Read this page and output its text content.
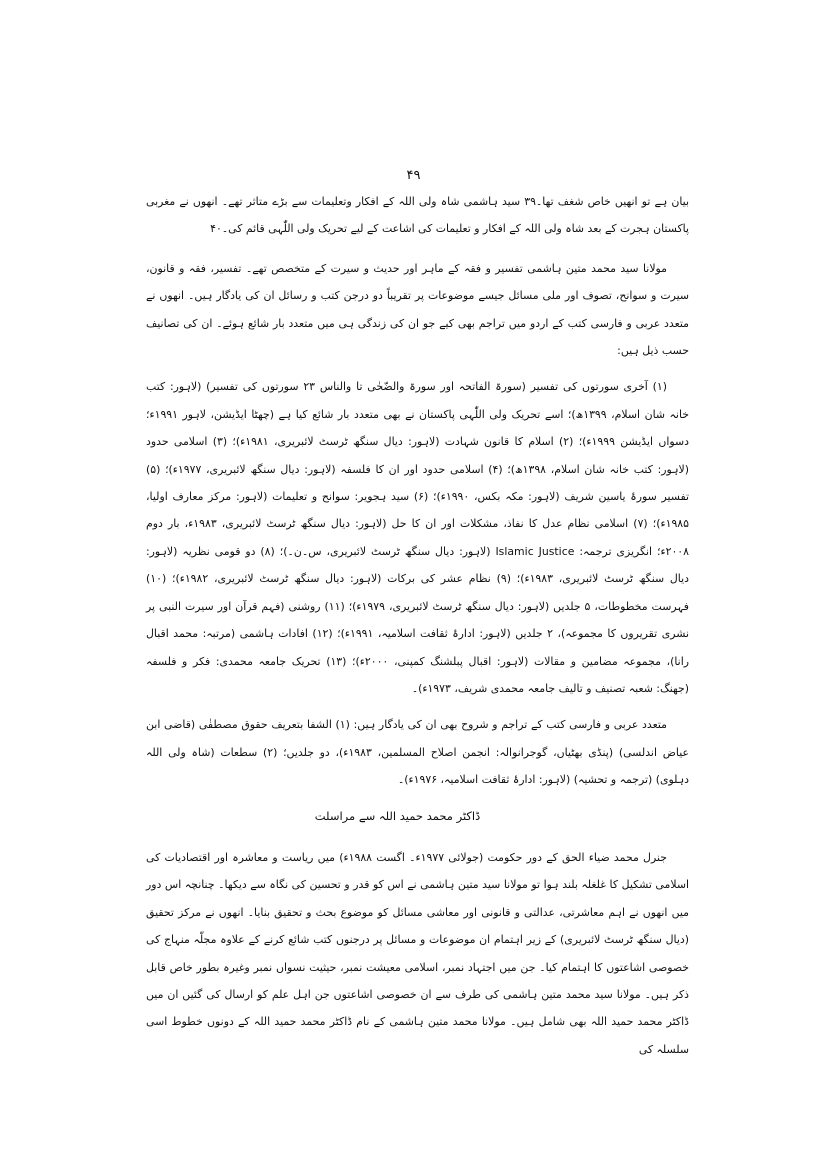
۴۹

بیان ہے تو انھیں خاص شغف تھا۔۳۹ سید ہاشمی شاہ ولی اللہ کے افکار وتعلیمات سے بڑے متاثر تھے۔ انھوں نے مغربی پاکستان ہجرت کے بعد شاہ ولی اللہ کے افکار و تعلیمات کی اشاعت کے لیے تحریک ولی اللّٰہی قائم کی۔۴۰

مولانا سید محمد متین ہاشمی تفسیر و فقہ کے ماہر اور حدیث و سیرت کے متخصص تھے۔ تفسیر، فقہ و قانون، سیرت و سوانح، تصوف اور ملی مسائل جیسے موضوعات پر تقریباً دو درجن کتب و رسائل ان کی یادگار ہیں۔ انھوں نے متعدد عربی و فارسی کتب کے اردو میں تراجم بھی کیے جو ان کی زندگی ہی میں متعدد بار شائع ہوئے۔ ان کی تصانیف حسب ذیل ہیں:

(۱) آخری سورتوں کی تفسیر (سورۃ الفاتحہ اور سورۃ والضّحٰی تا والناس ۲۳ سورتوں کی تفسیر) (لاہور: کتب خانہ شان اسلام، ۱۳۹۹ھ)؛ اسے تحریک ولی اللّٰہی پاکستان نے بھی متعدد بار شائع کیا ہے (چھٹا ایڈیشن، لاہور ۱۹۹۱ء؛ دسواں ایڈیشن ۱۹۹۹ء)؛ (۲) اسلام کا قانون شہادت (لاہور: دیال سنگھ ٹرسٹ لائبریری، ۱۹۸۱ء)؛ (۳) اسلامی حدود (لاہور: کتب خانہ شان اسلام، ۱۳۹۸ھ)؛ (۴) اسلامی حدود اور ان کا فلسفہ (لاہور: دیال سنگھ لائبریری، ۱۹۷۷ء)؛ (۵) تفسیر سورۂ یاسین شریف (لاہور: مکہ بکس، ۱۹۹۰ء)؛ (۶) سید ہجویر: سوانح و تعلیمات (لاہور: مرکز معارف اولیا، ۱۹۸۵ء)؛ (۷) اسلامی نظام عدل کا نفاذ، مشکلات اور ان کا حل (لاہور: دیال سنگھ ٹرسٹ لائبریری، ۱۹۸۳ء، بار دوم ۲۰۰۸ء؛ انگریزی ترجمہ: Islamic Justice (لاہور: دیال سنگھ ٹرسٹ لائبریری، س۔ن۔)؛ (۸) دو قومی نظریہ (لاہور: دیال سنگھ ٹرسٹ لائبریری، ۱۹۸۳ء)؛ (۹) نظام عشر کی برکات (لاہور: دیال سنگھ ٹرسٹ لائبریری، ۱۹۸۲ء)؛ (۱۰) فہرست مخطوطات، ۵ جلدیں (لاہور: دیال سنگھ ٹرسٹ لائبریری، ۱۹۷۹ء)؛ (۱۱) روشنی (فہم قرآن اور سیرت النبی پر نشری تقریروں کا مجموعہ)، ۲ جلدیں (لاہور: ادارۂ ثقافت اسلامیہ، ۱۹۹۱ء)؛ (۱۲) افادات ہاشمی (مرتبہ: محمد اقبال رانا)، مجموعہ مضامین و مقالات (لاہور: اقبال پبلشنگ کمپنی، ۲۰۰۰ء)؛ (۱۳) تحریک جامعہ محمدی: فکر و فلسفہ (جھنگ: شعبہ تصنیف و تالیف جامعہ محمدی شریف، ۱۹۷۳ء)۔

متعدد عربی و فارسی کتب کے تراجم و شروح بھی ان کی یادگار ہیں: (۱) الشفا بتعریف حقوق مصطفٰی (قاضی ابن عیاض اندلسی) (پنڈی بھٹیاں، گوجرانوالہ: انجمن اصلاح المسلمین، ۱۹۸۳ء)، دو جلدیں؛ (۲) سطعات (شاہ ولی اللہ دہلوی) (ترجمہ و تحشیہ) (لاہور: ادارۂ ثقافت اسلامیہ، ۱۹۷۶ء)۔

ڈاکٹر محمد حمید اللہ سے مراسلت

جنرل محمد ضیاء الحق کے دور حکومت (جولائی ۱۹۷۷ء۔ اگست ۱۹۸۸ء) میں ریاست و معاشرہ اور اقتصادیات کی اسلامی تشکیل کا غلغلہ بلند ہوا تو مولانا سید متین ہاشمی نے اس کو قدر و تحسین کی نگاہ سے دیکھا۔ چنانچہ اس دور میں انھوں نے اہم معاشرتی، عدالتی و قانونی اور معاشی مسائل کو موضوع بحث و تحقیق بنایا۔ انھوں نے مرکز تحقیق (دیال سنگھ ٹرسٹ لائبریری) کے زیر اہتمام ان موضوعات و مسائل پر درجنوں کتب شائع کرنے کے علاوہ مجلّہ منہاج کی خصوصی اشاعتوں کا اہتمام کیا۔ جن میں اجتہاد نمبر، اسلامی معیشت نمبر، حیثیت نسواں نمبر وغیرہ بطور خاص قابل ذکر ہیں۔ مولانا سید محمد متین ہاشمی کی طرف سے ان خصوصی اشاعتوں جن اہل علم کو ارسال کی گئیں ان میں ڈاکٹر محمد حمید اللہ بھی شامل ہیں۔ مولانا محمد متین ہاشمی کے نام ڈاکٹر محمد حمید اللہ کے دونوں خطوط اسی سلسلہ کی
